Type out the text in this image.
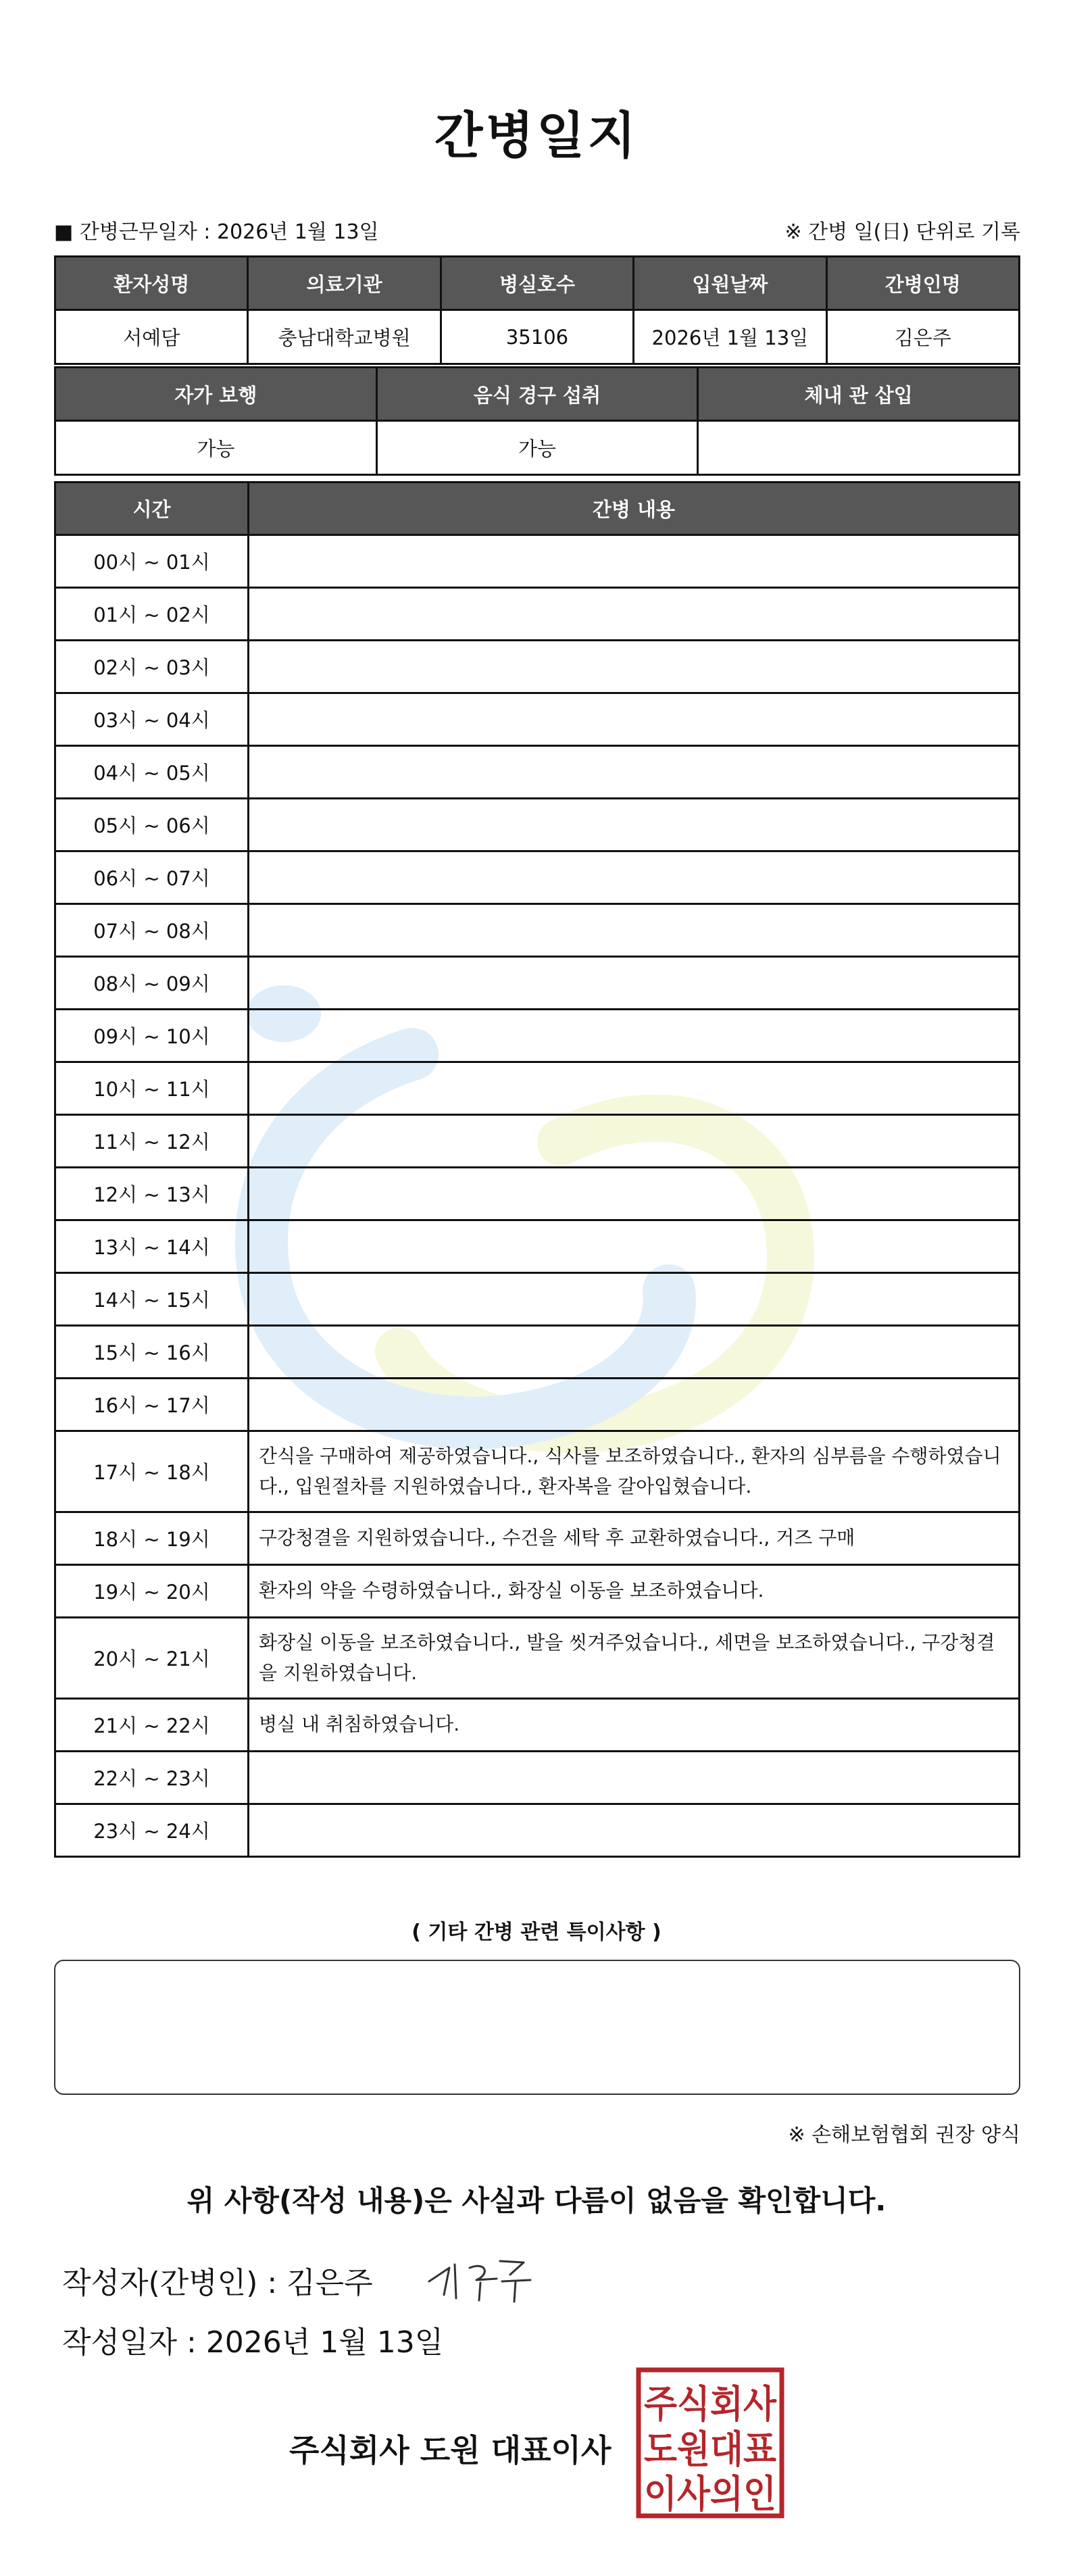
간병일지
■ 간병근무일자 : 2026년 1월 13일	※ 간병 일(日) 단위로 기록
환자성명	의료기관	병실호수	입원날짜	간병인명
서예담	충남대학교병원	35106	2026년 1월 13일	김은주
자가 보행	음식 경구 섭취	체내 관 삽입
가능	가능	
시간	간병 내용
00시 ~ 01시	
01시 ~ 02시	
02시 ~ 03시	
03시 ~ 04시	
04시 ~ 05시	
05시 ~ 06시	
06시 ~ 07시	
07시 ~ 08시	
08시 ~ 09시	
09시 ~ 10시	
10시 ~ 11시	
11시 ~ 12시	
12시 ~ 13시	
13시 ~ 14시	
14시 ~ 15시	
15시 ~ 16시	
16시 ~ 17시	
17시 ~ 18시	간식을 구매하여 제공하였습니다., 식사를 보조하였습니다., 환자의 심부름을 수행하였습니다., 입원절차를 지원하였습니다., 환자복을 갈아입혔습니다.
18시 ~ 19시	구강청결을 지원하였습니다., 수건을 세탁 후 교환하였습니다., 거즈 구매
19시 ~ 20시	환자의 약을 수령하였습니다., 화장실 이동을 보조하였습니다.
20시 ~ 21시	화장실 이동을 보조하였습니다., 발을 씻겨주었습니다., 세면을 보조하였습니다., 구강청결을 지원하였습니다.
21시 ~ 22시	병실 내 취침하였습니다.
22시 ~ 23시	
23시 ~ 24시	
( 기타 간병 관련 특이사항 )
※ 손해보험협회 권장 양식
위 사항(작성 내용)은 사실과 다름이 없음을 확인합니다.
작성자(간병인) : 김은주
작성일자 : 2026년 1월 13일
주식회사 도원 대표이사
주식회사
도원대표
이사의인
